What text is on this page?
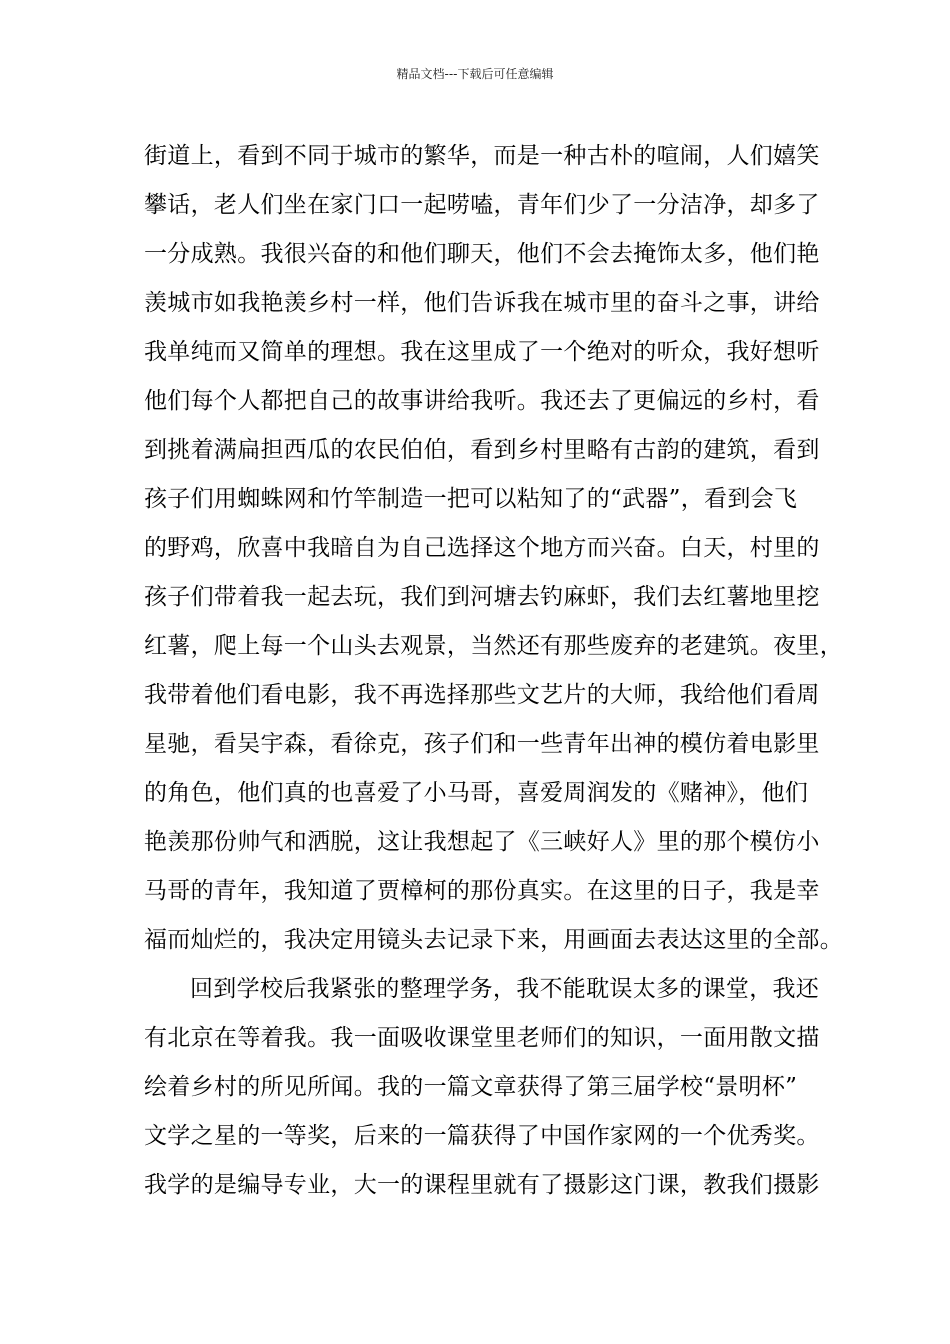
精品文档---下载后可任意编辑
街道上，看到不同于城市的繁华，而是一种古朴的喧闹，人们嬉笑
攀话，老人们坐在家门口一起唠嗑，青年们少了一分洁净，却多了
一分成熟。我很兴奋的和他们聊天，他们不会去掩饰太多，他们艳
羡城市如我艳羡乡村一样，他们告诉我在城市里的奋斗之事，讲给
我单纯而又简单的理想。我在这里成了一个绝对的听众，我好想听
他们每个人都把自己的故事讲给我听。我还去了更偏远的乡村，看
到挑着满扁担西瓜的农民伯伯，看到乡村里略有古韵的建筑，看到
孩子们用蜘蛛网和竹竿制造一把可以粘知了的“武器”，看到会飞
的野鸡，欣喜中我暗自为自己选择这个地方而兴奋。白天，村里的
孩子们带着我一起去玩，我们到河塘去钓麻虾，我们去红薯地里挖
红薯，爬上每一个山头去观景，当然还有那些废弃的老建筑。夜里，
我带着他们看电影，我不再选择那些文艺片的大师，我给他们看周
星驰，看吴宇森，看徐克，孩子们和一些青年出神的模仿着电影里
的角色，他们真的也喜爱了小马哥，喜爱周润发的《赌神》，他们
艳羡那份帅气和洒脱，这让我想起了《三峡好人》里的那个模仿小
马哥的青年，我知道了贾樟柯的那份真实。在这里的日子，我是幸
福而灿烂的，我决定用镜头去记录下来，用画面去表达这里的全部。
回到学校后我紧张的整理学务，我不能耽误太多的课堂，我还
有北京在等着我。我一面吸收课堂里老师们的知识，一面用散文描
绘着乡村的所见所闻。我的一篇文章获得了第三届学校“景明杯”
文学之星的一等奖，后来的一篇获得了中国作家网的一个优秀奖。
我学的是编导专业，大一的课程里就有了摄影这门课，教我们摄影
